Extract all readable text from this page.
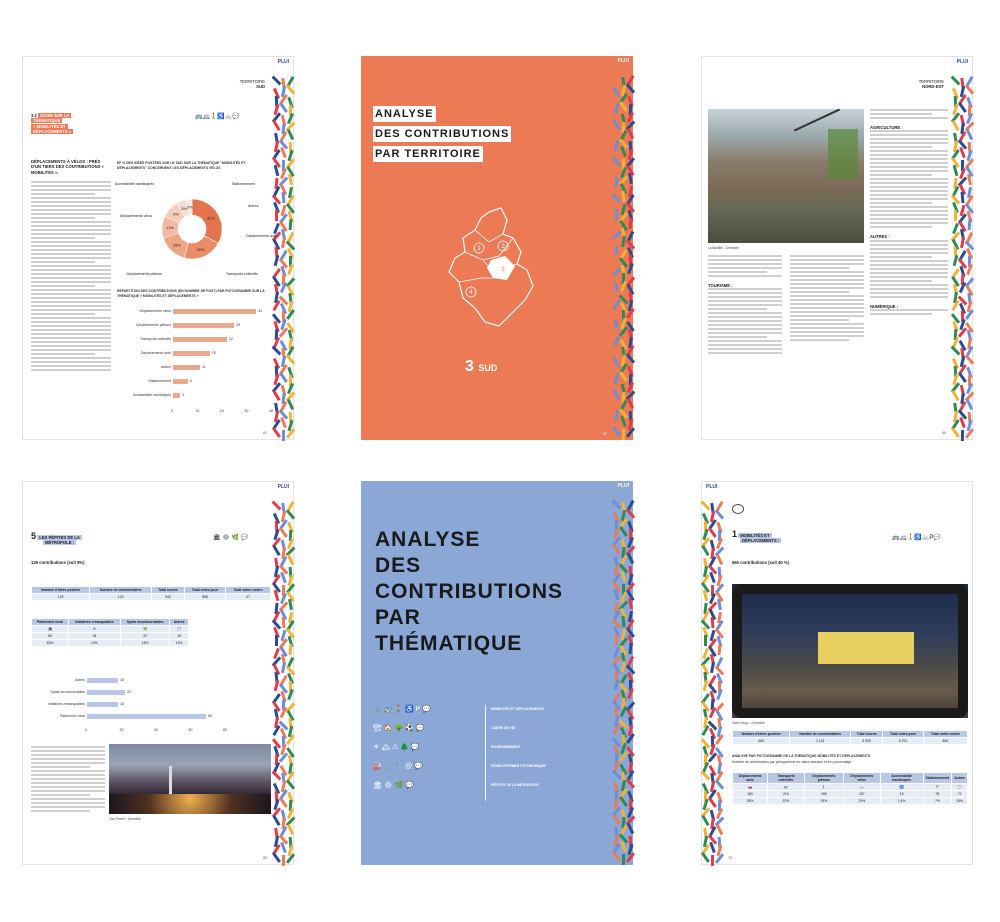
PLUI
TERRITOIRE
SUD
3.2 ZOOM SUR LA
THÉMATIQUE
« MOBILITÉS ET
DÉPLACEMENTS »
🚌🚐🚶♿🚲💬
DÉPLACEMENTS À VÉLOS : PRÈS D'UN TIERS DES CONTRIBUTIONS « MOBILITÉS ».
EF % DES IDÉES POSTÉES SUR LE SUD SUR LA THÉMATIQUE "MOBILITÉS ET DÉPLACEMENTS" CONCERNENT LES DÉPLACEMENTS VÉLOS
31%
20%
15%
11%
9%
5% 3%
Accessibilité handicapés	Stationnement
Autres
Déplacements auto
Transports collectifs
Déplacements piétons
Déplacements vélos
RÉPARTITION DES CONTRIBUTIONS (EN NOMBRE DE POST) PAR PICTOGRAMME SUR LA THÉMATIQUE « MOBILITÉS ET DÉPLACEMENTS »
Déplacements vélos	34
Déplacements piétons	25
Transports collectifs	22
Déplacements auto	15
Autres	11
Stationnement	6
Accessibilité handicapés	3
0	10	20	30	40
61
PLUI
ANALYSE
DES CONTRIBUTIONS
PAR TERRITOIRE
1	2
3
4
3 SUD
57
PLUI
TERRITOIRE
NORD-EST
La Bastille - Grenoble
AGRICULTURE :
AUTRES :
NUMÉRIQUE :
TOURISME :
69
PLUI
5 LES PÉPITES DE LA
MÉTROPOLE :
🏛 ✳ 🌿 💬
129 contributions (soit 8%)
Nombre d'idées postées	Nombre de commentaires	Total scores	Total votes pour	Total votes contre
129	102	943	898	37
Patrimoine local	Initiatives remarquables	Spots incontournables	Autres
🏛	✳	🌿	💬
69	18	22	18
53%	14%	18%	15%
Autres	18
Spots incontournables	22
Initiatives remarquables	18
Patrimoine local	69
0	20	40	60	80
Tour Perret - Grenoble
89
PLUI
ANALYSE
DES
CONTRIBUTIONS
PAR
THÉMATIQUE
🚲 🚌 🚶 ♿ P 💬
🏗 🏠 🌳 ⚽ 💬
☀ 🏔 ⚠ 🌲 💬
🏭 🛒 🔧 @ 💬
🏛 ✳ 🌿 💬
MOBILITÉS ET DÉPLACEMENTS
CADRE DE VIE
ENVIRONNEMENT
DÉVELOPPEMENT ÉCONOMIQUE
PÉPITES DE LA MÉTROPOLE
PLUI
1 MOBILITÉS ET
DÉPLACEMENTS :	🚌🚐🚶♿🚲P💬
660 contributions (soit 40 %)
Victor Hugo - Grenoble
Nombre d'idées postées	Nombre de commentaires	Total scores	Total votes pour	Total votes contre
660	1 132	5 592	6 791	858
ANALYSE PAR PICTOGRAMME DE LA THÉMATIQUE MOBILITÉS ET DÉPLACEMENTS
Nombre de contributions par pictogramme en valeur absolue et en pourcentage
Déplacements auto	Transports collectifs	Déplacements piétons	Déplacements vélos	Accessibilité handicapés	Stationnement	Autres
🚗	🚌	🚶	🚲	♿	P	💬
180	215	185	287	15	78	72
28%	22%	19%	29%	1,5%	7%	15%
76
